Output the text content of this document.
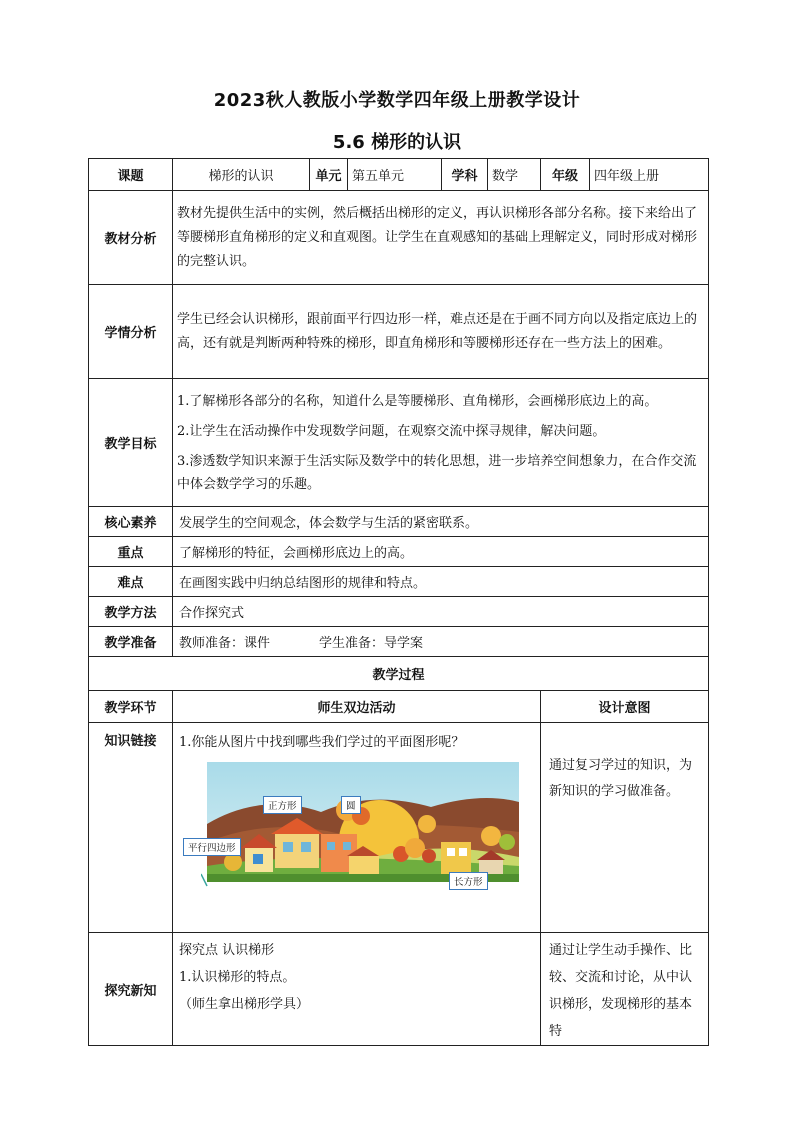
2023秋人教版小学数学四年级上册教学设计
5.6 梯形的认识
课题	梯形的认识	单元	第五单元	学科	数学	年级	四年级上册
教材分析	教材先提供生活中的实例，然后概括出梯形的定义，再认识梯形各部分名称。接下来给出了等腰梯形直角梯形的定义和直观图。让学生在直观感知的基础上理解定义，同时形成对梯形的完整认识。						
学情分析	学生已经会认识梯形，跟前面平行四边形一样，难点还是在于画不同方向以及指定底边上的高，还有就是判断两种特殊的梯形，即直角梯形和等腰梯形还存在一些方法上的困难。						
教学目标	1.了解梯形各部分的名称，知道什么是等腰梯形、直角梯形，会画梯形底边上的高。
2.让学生在活动操作中发现数学问题，在观察交流中探寻规律，解决问题。
3.渗透数学知识来源于生活实际及数学中的转化思想，进一步培养空间想象力，在合作交流中体会数学学习的乐趣。						

核心素养	发展学生的空间观念，体会数学与生活的紧密联系。						
重点	了解梯形的特征，会画梯形底边上的高。						
难点	在画图实践中归纳总结图形的规律和特点。						
教学方法	合作探究式						
教学准备	教师准备：课件 学生准备：导学案						
教学过程							
教学环节	师生双边活动					设计意图	
知识链接	1.你能从图片中找到哪些我们学过的平面图形呢？
正方形 圆
平行四边形
长方形					通过复习学过的知识，为新知识的学习做准备。	
探究新知	探究点 认识梯形
1.认识梯形的特点。
（师生拿出梯形学具）					通过让学生动手操作、比较、交流和讨论，从中认识梯形，发现梯形的基本特	
